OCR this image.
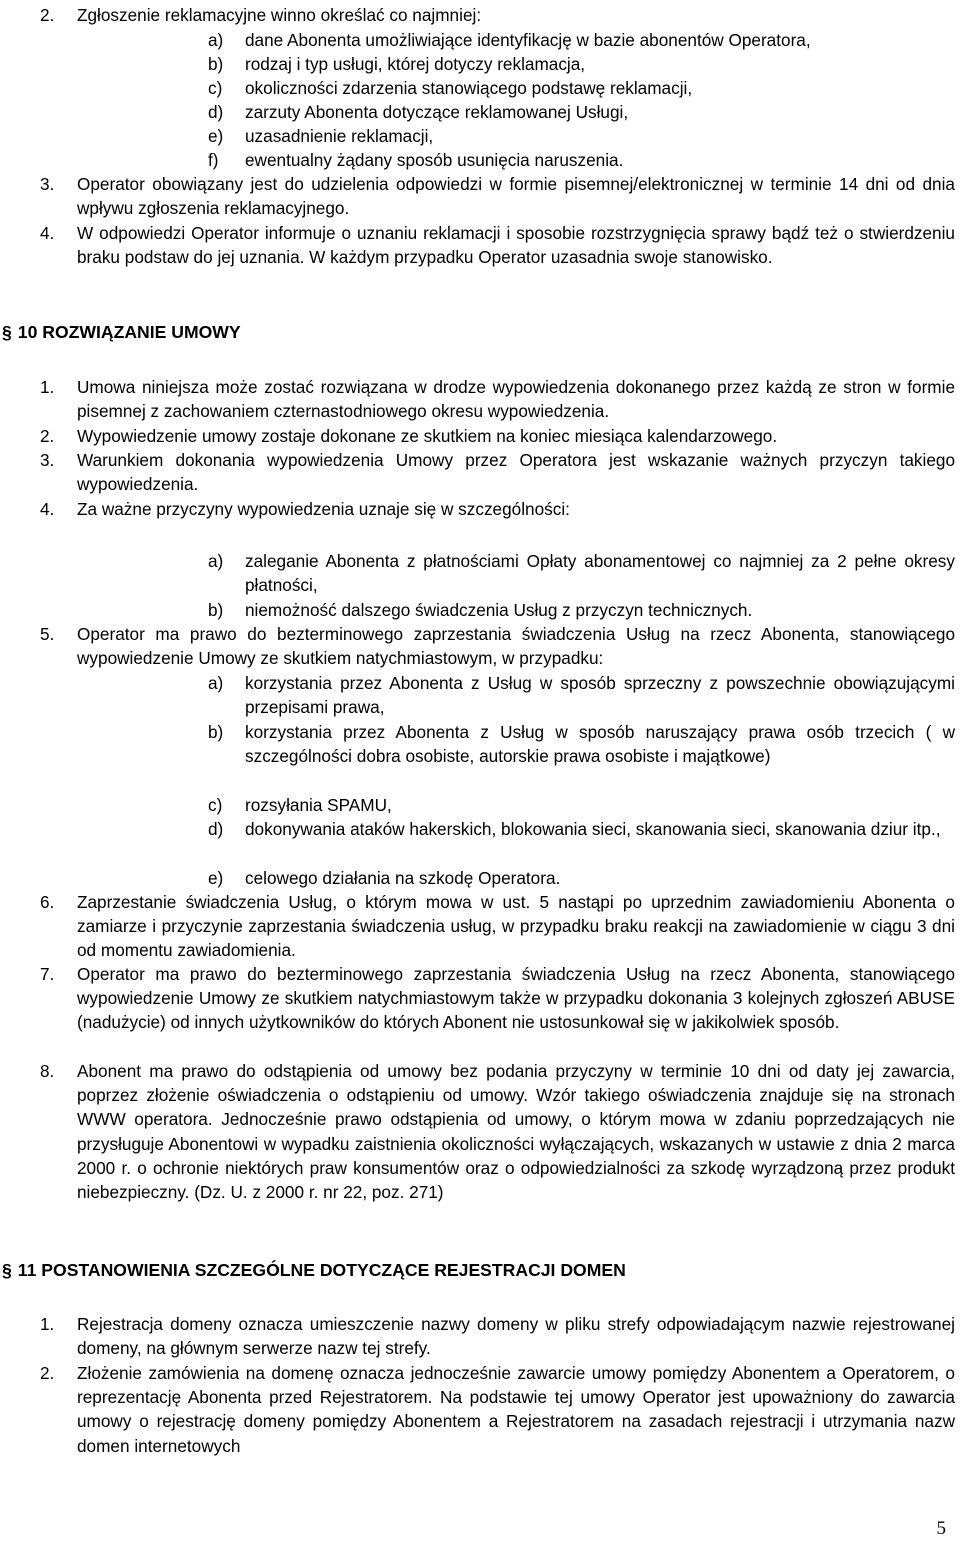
2. Zgłoszenie reklamacyjne winno określać co najmniej:
a) dane Abonenta umożliwiające identyfikację w bazie abonentów Operatora,
b) rodzaj i typ usługi, której dotyczy reklamacja,
c) okoliczności zdarzenia stanowiącego podstawę reklamacji,
d) zarzuty Abonenta dotyczące reklamowanej Usługi,
e) uzasadnienie reklamacji,
f) ewentualny żądany sposób usunięcia naruszenia.
3. Operator obowiązany jest do udzielenia odpowiedzi w formie pisemnej/elektronicznej w terminie 14 dni od dnia wpływu zgłoszenia reklamacyjnego.
4. W odpowiedzi Operator informuje o uznaniu reklamacji i sposobie rozstrzygnięcia sprawy bądź też o stwierdzeniu braku podstaw do jej uznania. W każdym przypadku Operator uzasadnia swoje stanowisko.
§ 10 ROZWIĄZANIE UMOWY
1. Umowa niniejsza może zostać rozwiązana w drodze wypowiedzenia dokonanego przez każdą ze stron w formie pisemnej z zachowaniem czternastodniowego okresu wypowiedzenia.
2. Wypowiedzenie umowy zostaje dokonane ze skutkiem na koniec miesiąca kalendarzowego.
3. Warunkiem dokonania wypowiedzenia Umowy przez Operatora jest wskazanie ważnych przyczyn takiego wypowiedzenia.
4. Za ważne przyczyny wypowiedzenia uznaje się w szczególności:
a) zaleganie Abonenta z płatnościami Opłaty abonamentowej co najmniej za 2 pełne okresy płatności,
b) niemożność dalszego świadczenia Usług z przyczyn technicznych.
5. Operator ma prawo do bezterminowego zaprzestania świadczenia Usług na rzecz Abonenta, stanowiącego wypowiedzenie Umowy ze skutkiem natychmiastowym, w przypadku:
a) korzystania przez Abonenta z Usług w sposób sprzeczny z powszechnie obowiązującymi przepisami prawa,
b) korzystania przez Abonenta z Usług w sposób naruszający prawa osób trzecich ( w szczególności dobra osobiste, autorskie prawa osobiste i majątkowe)
c) rozsyłania SPAMU,
d) dokonywania ataków hakerskich, blokowania sieci, skanowania sieci, skanowania dziur itp.,
e) celowego działania na szkodę Operatora.
6. Zaprzestanie świadczenia Usług, o którym mowa w ust. 5 nastąpi po uprzednim zawiadomieniu Abonenta o zamiarze i przyczynie zaprzestania świadczenia usług, w przypadku braku reakcji na zawiadomienie w ciągu 3 dni od momentu zawiadomienia.
7. Operator ma prawo do bezterminowego zaprzestania świadczenia Usług na rzecz Abonenta, stanowiącego wypowiedzenie Umowy ze skutkiem natychmiastowym także w przypadku dokonania 3 kolejnych zgłoszeń ABUSE (nadużycie) od innych użytkowników do których Abonent nie ustosunkował się w jakikolwiek sposób.
8. Abonent ma prawo do odstąpienia od umowy bez podania przyczyny w terminie 10 dni od daty jej zawarcia, poprzez złożenie oświadczenia o odstąpieniu od umowy. Wzór takiego oświadczenia znajduje się na stronach WWW operatora. Jednocześnie prawo odstąpienia od umowy, o którym mowa w zdaniu poprzedzających nie przysługuje Abonentowi w wypadku zaistnienia okoliczności wyłączających, wskazanych w ustawie z dnia 2 marca 2000 r. o ochronie niektórych praw konsumentów oraz o odpowiedzialności za szkodę wyrządzoną przez produkt niebezpieczny. (Dz. U. z 2000 r. nr 22, poz. 271)
§ 11 POSTANOWIENIA SZCZEGÓLNE DOTYCZĄCE REJESTRACJI DOMEN
1. Rejestracja domeny oznacza umieszczenie nazwy domeny w pliku strefy odpowiadającym nazwie rejestrowanej domeny, na głównym serwerze nazw tej strefy.
2. Złożenie zamówienia na domenę oznacza jednocześnie zawarcie umowy pomiędzy Abonentem a Operatorem, o reprezentację Abonenta przed Rejestratorem. Na podstawie tej umowy Operator jest upoważniony do zawarcia umowy o rejestrację domeny pomiędzy Abonentem a Rejestratorem na zasadach rejestracji i utrzymania nazw domen internetowych
5
